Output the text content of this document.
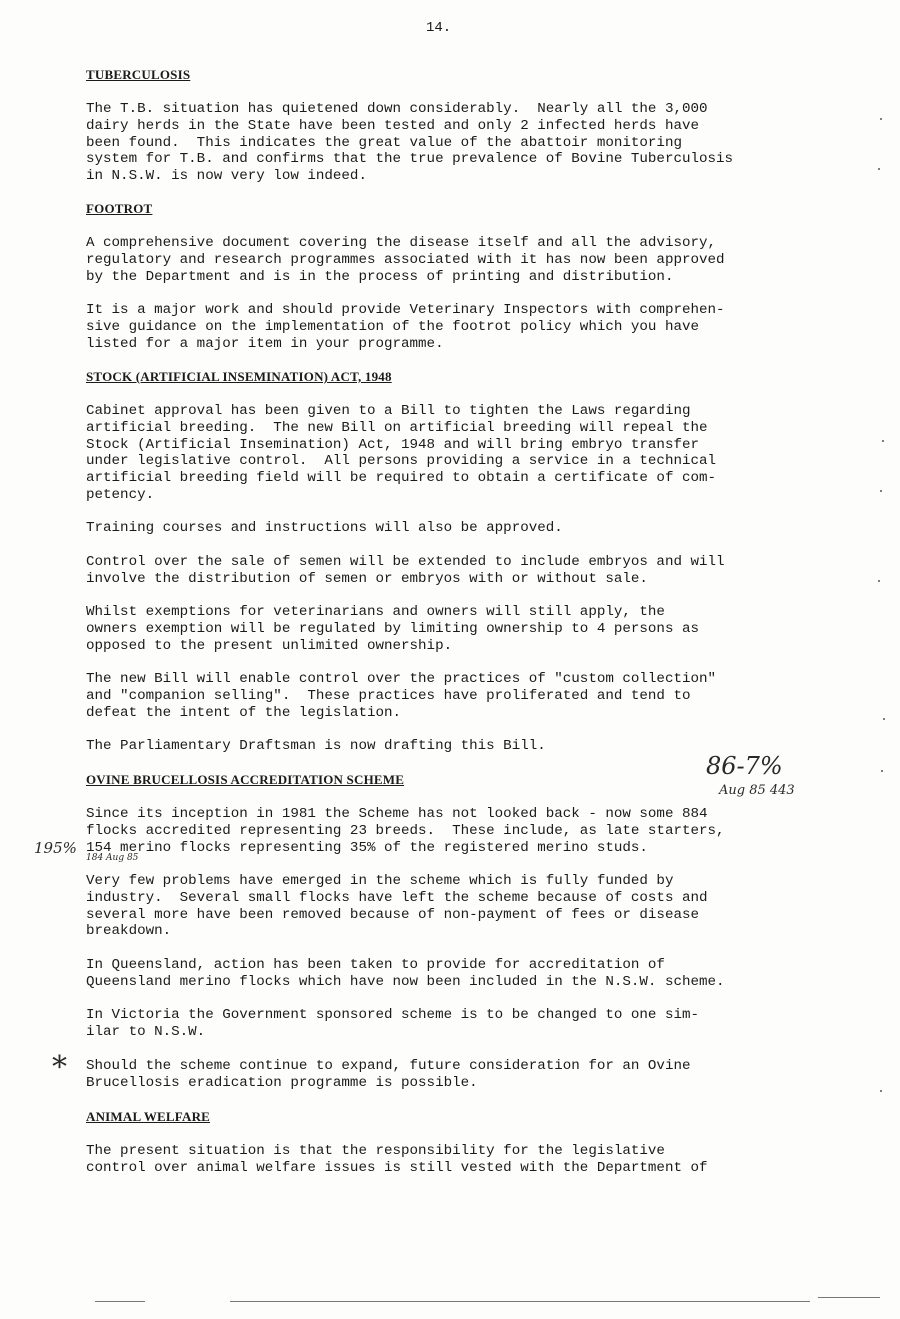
14.
TUBERCULOSIS
The T.B. situation has quietened down considerably.  Nearly all the 3,000
dairy herds in the State have been tested and only 2 infected herds have
been found.  This indicates the great value of the abattoir monitoring
system for T.B. and confirms that the true prevalence of Bovine Tuberculosis
in N.S.W. is now very low indeed.
FOOTROT
A comprehensive document covering the disease itself and all the advisory,
regulatory and research programmes associated with it has now been approved
by the Department and is in the process of printing and distribution.
It is a major work and should provide Veterinary Inspectors with comprehen-
sive guidance on the implementation of the footrot policy which you have
listed for a major item in your programme.
STOCK (ARTIFICIAL INSEMINATION) ACT, 1948
Cabinet approval has been given to a Bill to tighten the Laws regarding
artificial breeding.  The new Bill on artificial breeding will repeal the
Stock (Artificial Insemination) Act, 1948 and will bring embryo transfer
under legislative control.  All persons providing a service in a technical
artificial breeding field will be required to obtain a certificate of com-
petency.
Training courses and instructions will also be approved.
Control over the sale of semen will be extended to include embryos and will
involve the distribution of semen or embryos with or without sale.
Whilst exemptions for veterinarians and owners will still apply, the
owners exemption will be regulated by limiting ownership to 4 persons as
opposed to the present unlimited ownership.
The new Bill will enable control over the practices of "custom collection"
and "companion selling".  These practices have proliferated and tend to
defeat the intent of the legislation.
The Parliamentary Draftsman is now drafting this Bill.
OVINE BRUCELLOSIS ACCREDITATION SCHEME
Since its inception in 1981 the Scheme has not looked back - now some 884
flocks accredited representing 23 breeds.  These include, as late starters,
154 merino flocks representing 35% of the registered merino studs.
Very few problems have emerged in the scheme which is fully funded by
industry.  Several small flocks have left the scheme because of costs and
several more have been removed because of non-payment of fees or disease
breakdown.
In Queensland, action has been taken to provide for accreditation of
Queensland merino flocks which have now been included in the N.S.W. scheme.
In Victoria the Government sponsored scheme is to be changed to one sim-
ilar to N.S.W.
Should the scheme continue to expand, future consideration for an Ovine
Brucellosis eradication programme is possible.
ANIMAL WELFARE
The present situation is that the responsibility for the legislative
control over animal welfare issues is still vested with the Department of
86-7%
Aug 85 443
195%
184 Aug 85
*
